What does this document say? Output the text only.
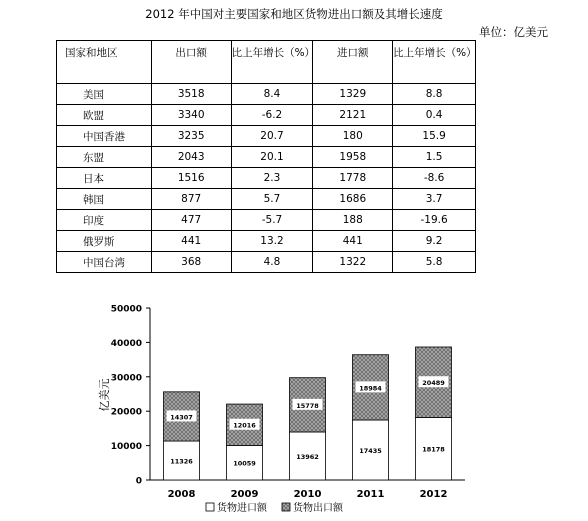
2012 年中国对主要国家和地区货物进出口额及其增长速度
单位：亿美元
国家和地区	出口额	比上年增长（%）	进口额	比上年增长（%）
美国	3518	8.4	1329	8.8
欧盟	3340	-6.2	2121	0.4
中国香港	3235	20.7	180	15.9
东盟	2043	20.1	1958	1.5
日本	1516	2.3	1778	-8.6
韩国	877	5.7	1686	3.7
印度	477	-5.7	188	-19.6
俄罗斯	441	13.2	441	9.2
中国台湾	368	4.8	1322	5.8
亿美元
0
10000
20000
30000
40000
50000
14307
11326
2008
12016
10059
2009
15778
13962
2010
18984
17435
2011
20489
18178
2012
货物进口额	货物出口额
